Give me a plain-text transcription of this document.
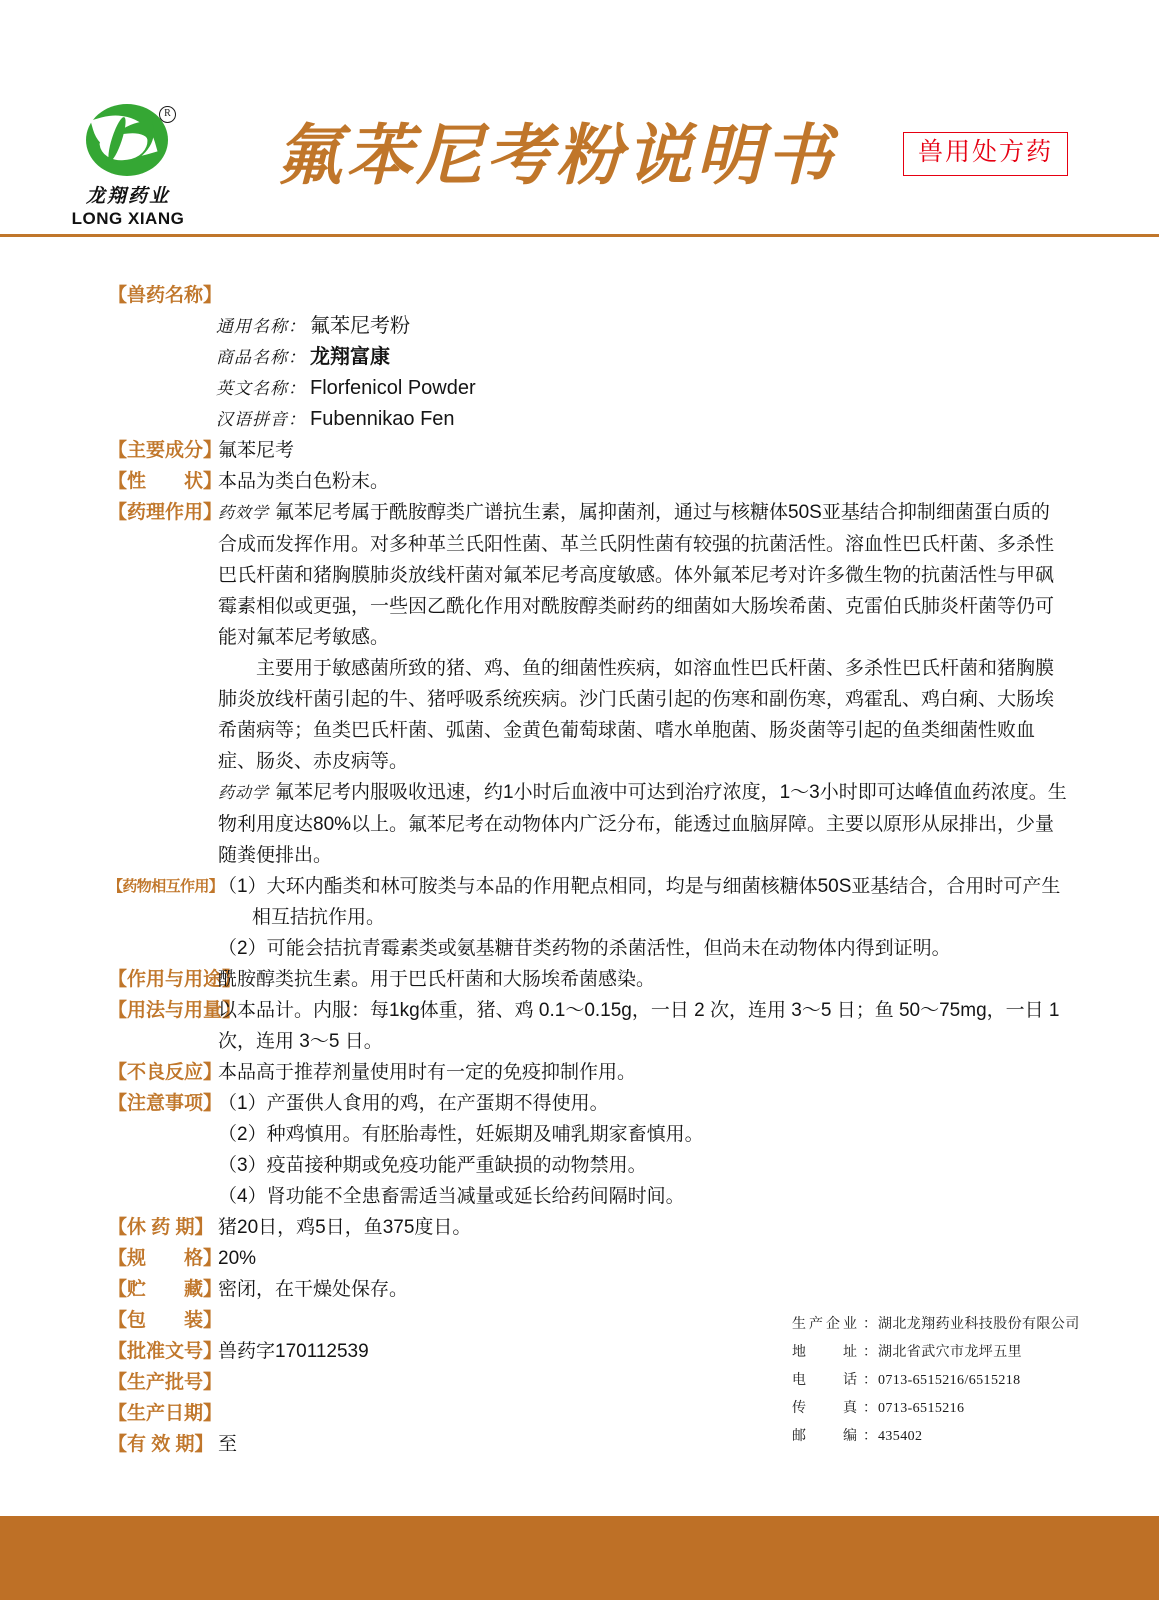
R
龙翔药业
LONG XIANG
氟苯尼考粉说明书	兽用处方药
【兽药名称】
通用名称： 氟苯尼考粉
商品名称： 龙翔富康
英文名称： Florfenicol Powder
汉语拼音： Fubennikao Fen
【主要成分】
氟苯尼考
【性　　状】
本品为类白色粉末。
【药理作用】

药效学 氟苯尼考属于酰胺醇类广谱抗生素，属抑菌剂，通过与核糖体50S亚基结合抑制细菌蛋白质的合成而发挥作用。对多种革兰氏阳性菌、革兰氏阴性菌有较强的抗菌活性。溶血性巴氏杆菌、多杀性巴氏杆菌和猪胸膜肺炎放线杆菌对氟苯尼考高度敏感。体外氟苯尼考对许多微生物的抗菌活性与甲砜霉素相似或更强，一些因乙酰化作用对酰胺醇类耐药的细菌如大肠埃希菌、克雷伯氏肺炎杆菌等仍可能对氟苯尼考敏感。

主要用于敏感菌所致的猪、鸡、鱼的细菌性疾病，如溶血性巴氏杆菌、多杀性巴氏杆菌和猪胸膜肺炎放线杆菌引起的牛、猪呼吸系统疾病。沙门氏菌引起的伤寒和副伤寒，鸡霍乱、鸡白痢、大肠埃希菌病等；鱼类巴氏杆菌、弧菌、金黄色葡萄球菌、嗜水单胞菌、肠炎菌等引起的鱼类细菌性败血症、肠炎、赤皮病等。

药动学 氟苯尼考内服吸收迅速，约1小时后血液中可达到治疗浓度，1～3小时即可达峰值血药浓度。生物利用度达80%以上。氟苯尼考在动物体内广泛分布，能透过血脑屏障。主要以原形从尿排出，少量随粪便排出。

【药物相互作用】

（1）大环内酯类和林可胺类与本品的作用靶点相同，均是与细菌核糖体50S亚基结合，合用时可产生相互拮抗作用。

（2）可能会拮抗青霉素类或氨基糖苷类药物的杀菌活性，但尚未在动物体内得到证明。

【作用与用途】
酰胺醇类抗生素。用于巴氏杆菌和大肠埃希菌感染。
【用法与用量】
以本品计。内服：每1kg体重，猪、鸡 0.1～0.15g，一日 2 次，连用 3～5 日；鱼 50～75mg，一日 1 次，连用 3～5 日。
【不良反应】
本品高于推荐剂量使用时有一定的免疫抑制作用。
【注意事项】

（1）产蛋供人食用的鸡，在产蛋期不得使用。

（2）种鸡慎用。有胚胎毒性，妊娠期及哺乳期家畜慎用。

（3）疫苗接种期或免疫功能严重缺损的动物禁用。

（4）肾功能不全患畜需适当减量或延长给药间隔时间。

【休 药 期】 猪20日，鸡5日，鱼375度日。
【规　　格】
20%
【贮　　藏】
密闭，在干燥处保存。
【包　　装】
【批准文号】
兽药字170112539
【生产批号】
【生产日期】
【有 效 期】 至
生产企业 ： 湖北龙翔药业科技股份有限公司
地　　址 ： 湖北省武穴市龙坪五里
电　　话 ： 0713-6515216/6515218
传　　真 ： 0713-6515216
邮　　编 ： 435402
